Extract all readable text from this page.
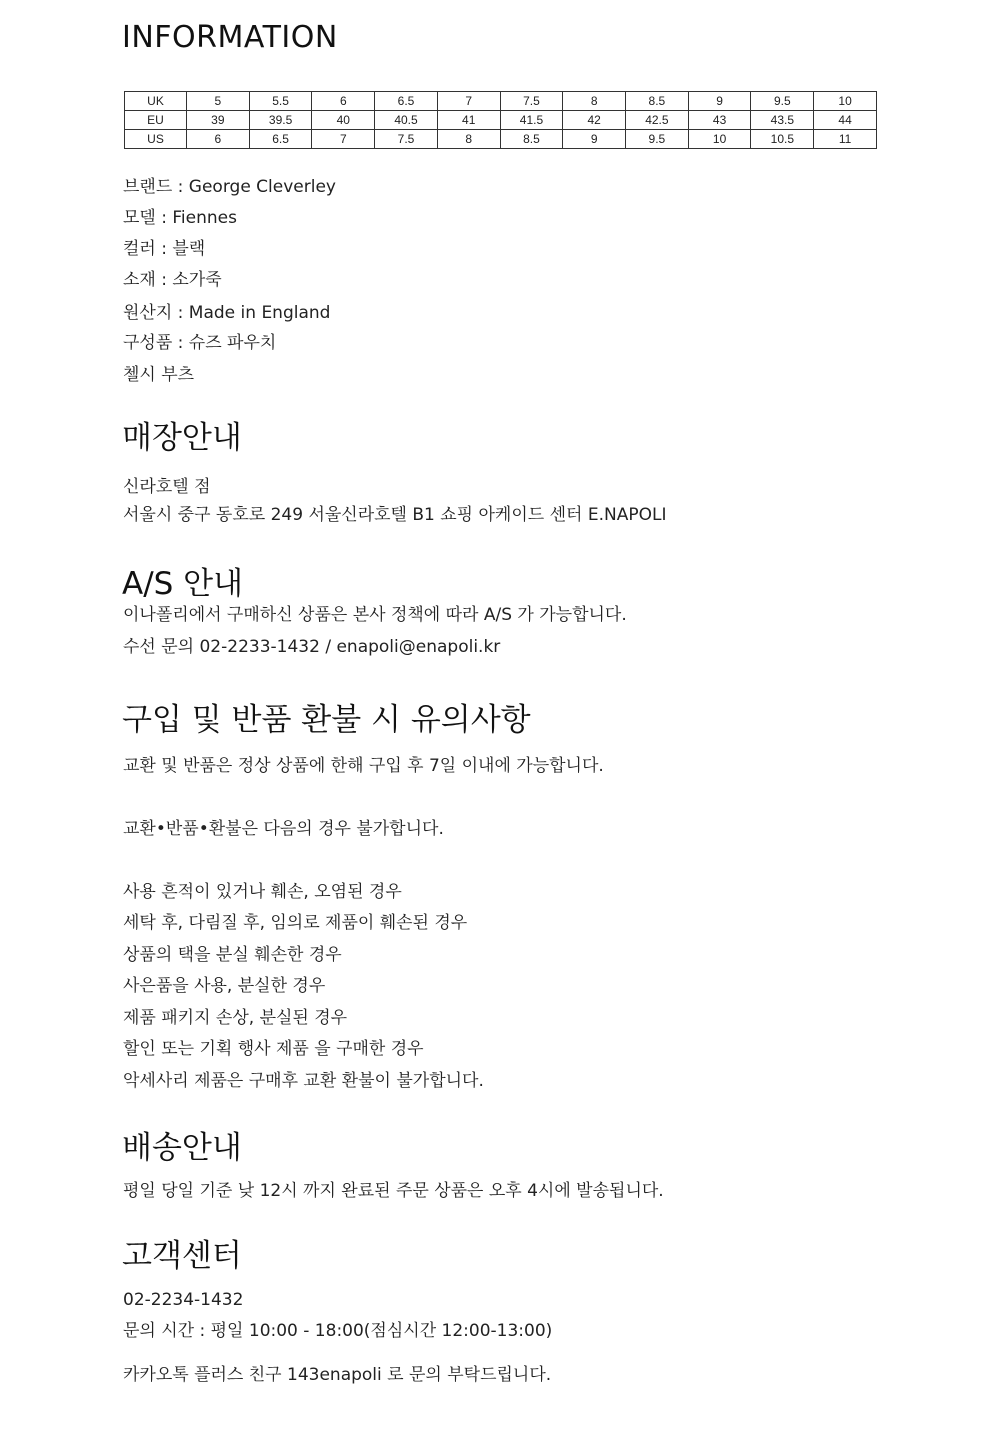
INFORMATION
UK	5	5.5	6	6.5	7	7.5	8	8.5	9	9.5	10
EU	39	39.5	40	40.5	41	41.5	42	42.5	43	43.5	44
US	6	6.5	7	7.5	8	8.5	9	9.5	10	10.5	11

브랜드 : George Cleverley

모델 : Fiennes

컬러 : 블랙

소재 : 소가죽

원산지 : Made in England

구성품 : 슈즈 파우치

첼시 부츠

매장안내

신라호텔 점

서울시 중구 동호로 249 서울신라호텔 B1 쇼핑 아케이드 센터 E.NAPOLI

A/S 안내

이나폴리에서 구매하신 상품은 본사 정책에 따라 A/S 가 가능합니다.

수선 문의 02-2233-1432 / enapoli@enapoli.kr

구입 및 반품 환불 시 유의사항

교환 및 반품은 정상 상품에 한해 구입 후 7일 이내에 가능합니다.

교환•반품•환불은 다음의 경우 불가합니다.

사용 흔적이 있거나 훼손, 오염된 경우

세탁 후, 다림질 후, 임의로 제품이 훼손된 경우

상품의 택을 분실 훼손한 경우

사은품을 사용, 분실한 경우

제품 패키지 손상, 분실된 경우

할인 또는 기획 행사 제품 을 구매한 경우

악세사리 제품은 구매후 교환 환불이 불가합니다.

배송안내

평일 당일 기준 낮 12시 까지 완료된 주문 상품은 오후 4시에 발송됩니다.

고객센터

02-2234-1432

문의 시간 : 평일 10:00 - 18:00(점심시간 12:00-13:00)

카카오톡 플러스 친구 143enapoli 로 문의 부탁드립니다.
